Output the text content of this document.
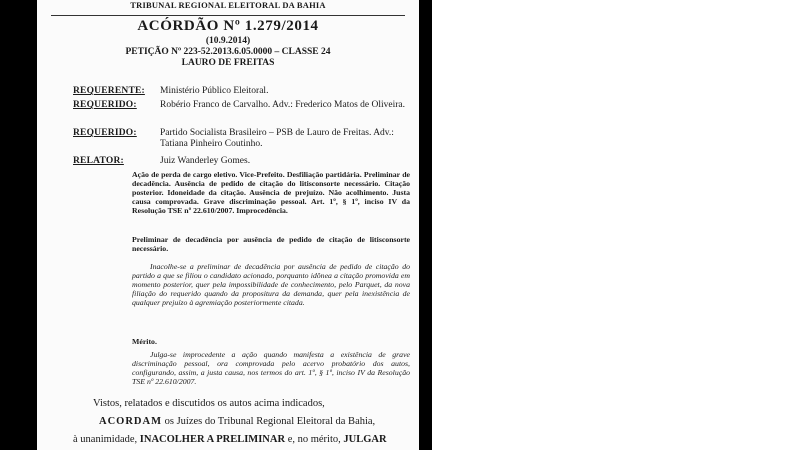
TRIBUNAL REGIONAL ELEITORAL DA BAHIA
ACÓRDÃO Nº 1.279/2014
(10.9.2014)
PETIÇÃO Nº 223-52.2013.6.05.0000 – CLASSE 24
LAURO DE FREITAS
REQUERENTE: Ministério Público Eleitoral.
REQUERIDO: Robério Franco de Carvalho. Adv.: Frederico Matos de Oliveira.
REQUERIDO: Partido Socialista Brasileiro – PSB de Lauro de Freitas. Adv.: Tatiana Pinheiro Coutinho.
RELATOR:	Juiz Wanderley Gomes.
Ação de perda de cargo eletivo. Vice-Prefeito. Desfiliação partidária. Preliminar de decadência. Ausência de pedido de citação do litisconsorte necessário. Citação posterior. Idoneidade da citação. Ausência de prejuízo. Não acolhimento. Justa causa comprovada. Grave discriminação pessoal. Art. 1º, § 1º, inciso IV da Resolução TSE nº 22.610/2007. Improcedência.
Preliminar de decadência por ausência de pedido de citação de litisconsorte necessário.
Inacolhe-se a preliminar de decadência por ausência de pedido de citação do partido a que se filiou o candidato acionado, porquanto idônea a citação promovida em momento posterior, quer pela impossibilidade de conhecimento, pelo Parquet, da nova filiação do requerido quando da propositura da demanda, quer pela inexistência de qualquer prejuízo à agremiação posteriormente citada.
Mérito.
Julga-se improcedente a ação quando manifesta a existência de grave discriminação pessoal, ora comprovada pelo acervo probatório dos autos, configurando, assim, a justa causa, nos termos do art. 1º, § 1º, inciso IV da Resolução TSE nº 22.610/2007.
Vistos, relatados e discutidos os autos acima indicados,
ACORDAM os Juízes do Tribunal Regional Eleitoral da Bahia,
à unanimidade, INACOLHER A PRELIMINAR e, no mérito, JULGAR
